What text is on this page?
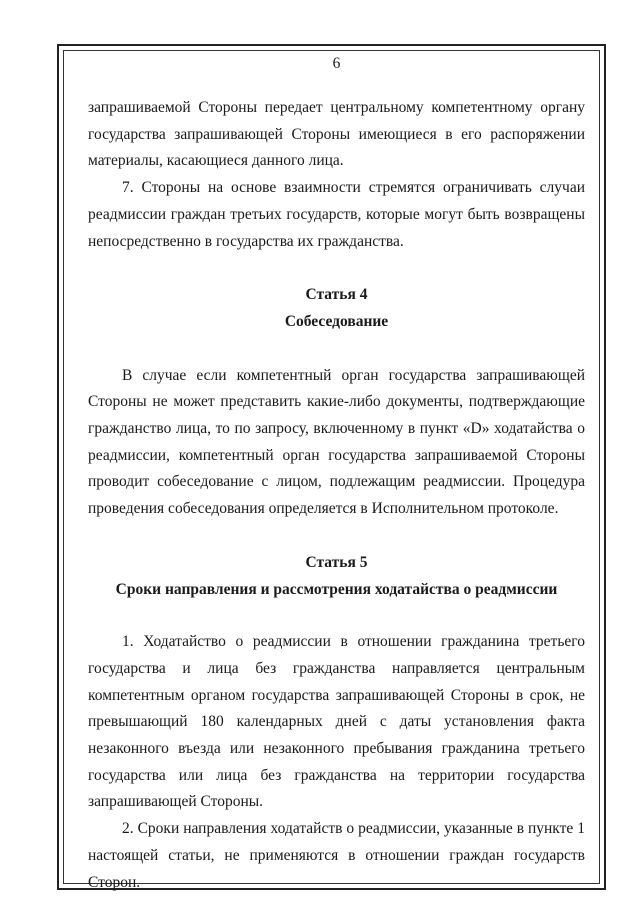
6

запрашиваемой Стороны передает центральному компетентному органу государства запрашивающей Стороны имеющиеся в его распоряжении материалы, касающиеся данного лица.

7. Стороны на основе взаимности стремятся ограничивать случаи реадмиссии граждан третьих государств, которые могут быть возвращены непосредственно в государства их гражданства.

Статья 4

Собеседование

В случае если компетентный орган государства запрашивающей Стороны не может представить какие-либо документы, подтверждающие гражданство лица, то по запросу, включенному в пункт «D» ходатайства о реадмиссии, компетентный орган государства запрашиваемой Стороны проводит собеседование с лицом, подлежащим реадмиссии. Процедура проведения собеседования определяется в Исполнительном протоколе.

Статья 5

Сроки направления и рассмотрения ходатайства о реадмиссии

1. Ходатайство о реадмиссии в отношении гражданина третьего государства и лица без гражданства направляется центральным компетентным органом государства запрашивающей Стороны в срок, не превышающий 180 календарных дней с даты установления факта незаконного въезда или незаконного пребывания гражданина третьего государства или лица без гражданства на территории государства запрашивающей Стороны.

2. Сроки направления ходатайств о реадмиссии, указанные в пункте 1 настоящей статьи, не применяются в отношении граждан государств Сторон.
